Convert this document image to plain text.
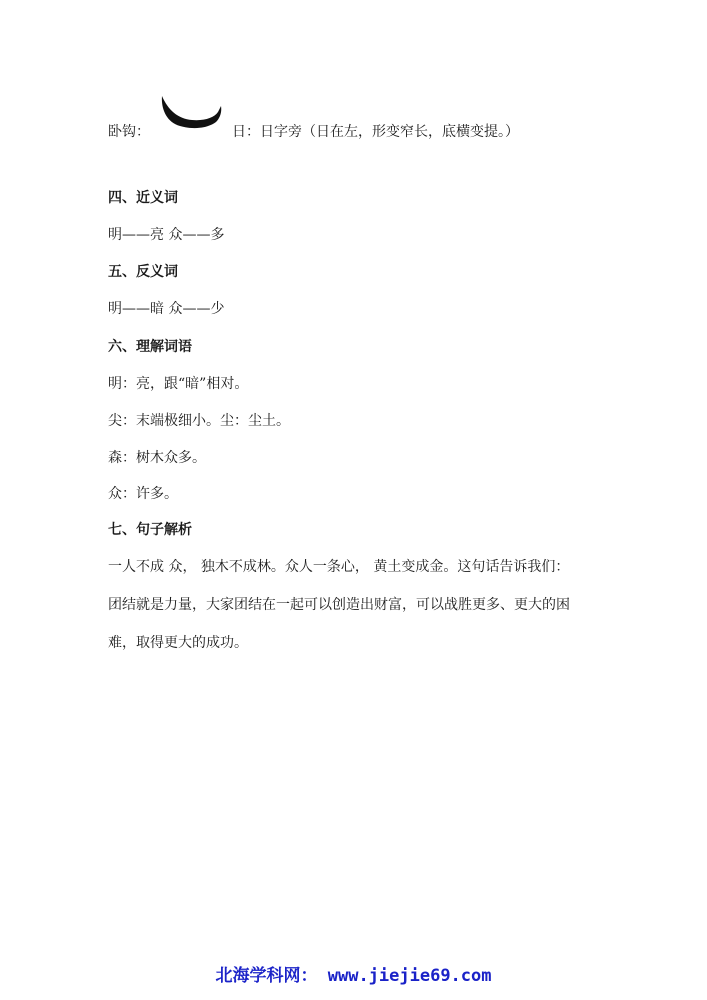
卧钩：	日：日字旁（日在左，形变窄长，底横变提。）
四、近义词
明——亮 众——多
五、反义词
明——暗 众——少
六、理解词语
明：亮，跟“暗”相对。
尖：末端极细小。尘：尘土。
森：树木众多。
众：许多。
七、句子解析
一人不成 众， 独木不成林。众人一条心， 黄土变成金。这句话告诉我们：
团结就是力量，大家团结在一起可以创造出财富，可以战胜更多、更大的困
难，取得更大的成功。
北海学科网： www.jiejie69.com
